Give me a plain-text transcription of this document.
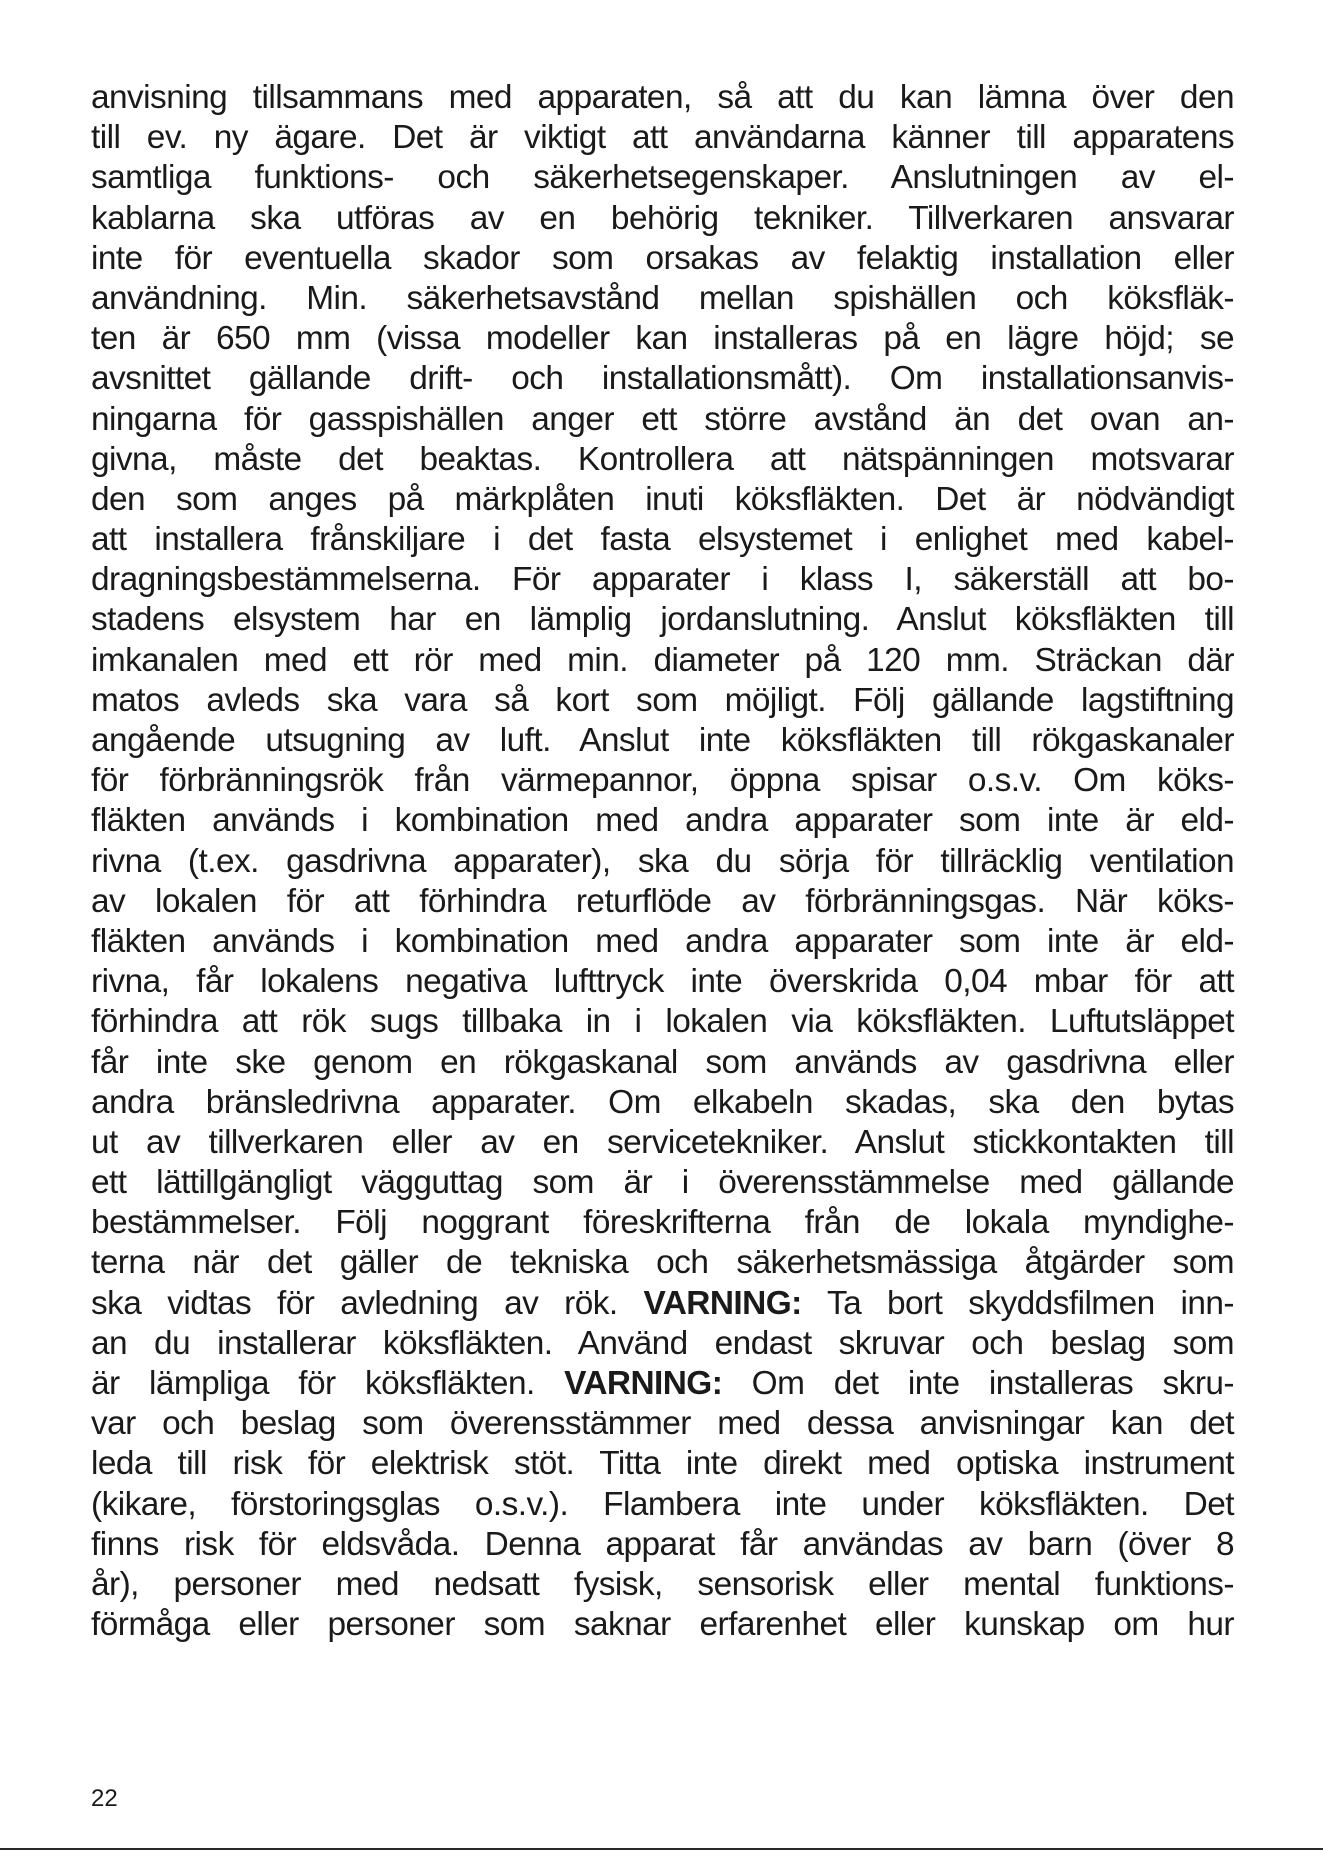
anvisning tillsammans med apparaten, så att du kan lämna över den
till ev. ny ägare. Det är viktigt att användarna känner till apparatens
samtliga funktions- och säkerhetsegenskaper. Anslutningen av el-
kablarna ska utföras av en behörig tekniker. Tillverkaren ansvarar
inte för eventuella skador som orsakas av felaktig installation eller
användning. Min. säkerhetsavstånd mellan spishällen och köksfläk-
ten är 650 mm (vissa modeller kan installeras på en lägre höjd; se
avsnittet gällande drift- och installationsmått). Om installationsanvis-
ningarna för gasspishällen anger ett större avstånd än det ovan an-
givna, måste det beaktas. Kontrollera att nätspänningen motsvarar
den som anges på märkplåten inuti köksfläkten. Det är nödvändigt
att installera frånskiljare i det fasta elsystemet i enlighet med kabel-
dragningsbestämmelserna. För apparater i klass I, säkerställ att bo-
stadens elsystem har en lämplig jordanslutning. Anslut köksfläkten till
imkanalen med ett rör med min. diameter på 120 mm. Sträckan där
matos avleds ska vara så kort som möjligt. Följ gällande lagstiftning
angående utsugning av luft. Anslut inte köksfläkten till rökgaskanaler
för förbränningsrök från värmepannor, öppna spisar o.s.v. Om köks-
fläkten används i kombination med andra apparater som inte är eld-
rivna (t.ex. gasdrivna apparater), ska du sörja för tillräcklig ventilation
av lokalen för att förhindra returflöde av förbränningsgas. När köks-
fläkten används i kombination med andra apparater som inte är eld-
rivna, får lokalens negativa lufttryck inte överskrida 0,04 mbar för att
förhindra att rök sugs tillbaka in i lokalen via köksfläkten. Luftutsläppet
får inte ske genom en rökgaskanal som används av gasdrivna eller
andra bränsledrivna apparater. Om elkabeln skadas, ska den bytas
ut av tillverkaren eller av en servicetekniker. Anslut stickkontakten till
ett lättillgängligt vägguttag som är i överensstämmelse med gällande
bestämmelser. Följ noggrant föreskrifterna från de lokala myndighe-
terna när det gäller de tekniska och säkerhetsmässiga åtgärder som
ska vidtas för avledning av rök. VARNING: Ta bort skyddsfilmen inn-
an du installerar köksfläkten. Använd endast skruvar och beslag som
är lämpliga för köksfläkten. VARNING: Om det inte installeras skru-
var och beslag som överensstämmer med dessa anvisningar kan det
leda till risk för elektrisk stöt. Titta inte direkt med optiska instrument
(kikare, förstoringsglas o.s.v.). Flambera inte under köksfläkten. Det
finns risk för eldsvåda. Denna apparat får användas av barn (över 8
år), personer med nedsatt fysisk, sensorisk eller mental funktions-
förmåga eller personer som saknar erfarenhet eller kunskap om hur
22
